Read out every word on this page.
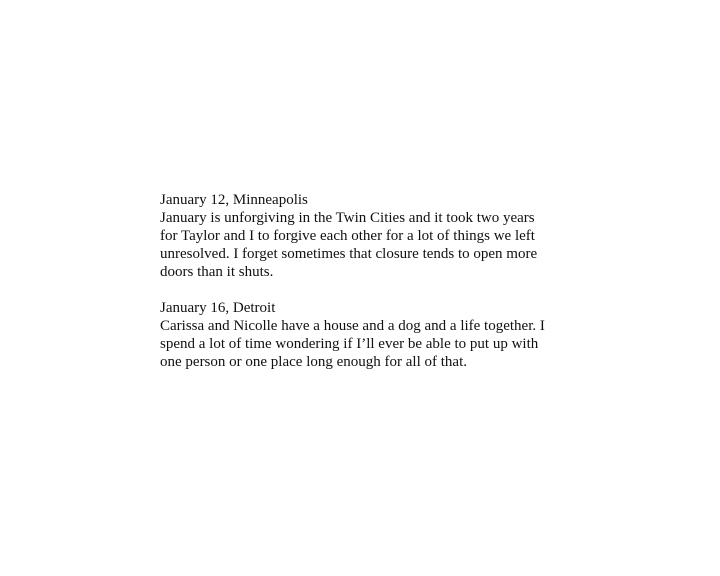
January 12, Minneapolis

January is unforgiving in the Twin Cities and it took two years
for Taylor and I to forgive each other for a lot of things we left
unresolved. I forget sometimes that closure tends to open more
doors than it shuts.

January 16, Detroit

Carissa and Nicolle have a house and a dog and a life together. I
spend a lot of time wondering if I’ll ever be able to put up with
one person or one place long enough for all of that.
